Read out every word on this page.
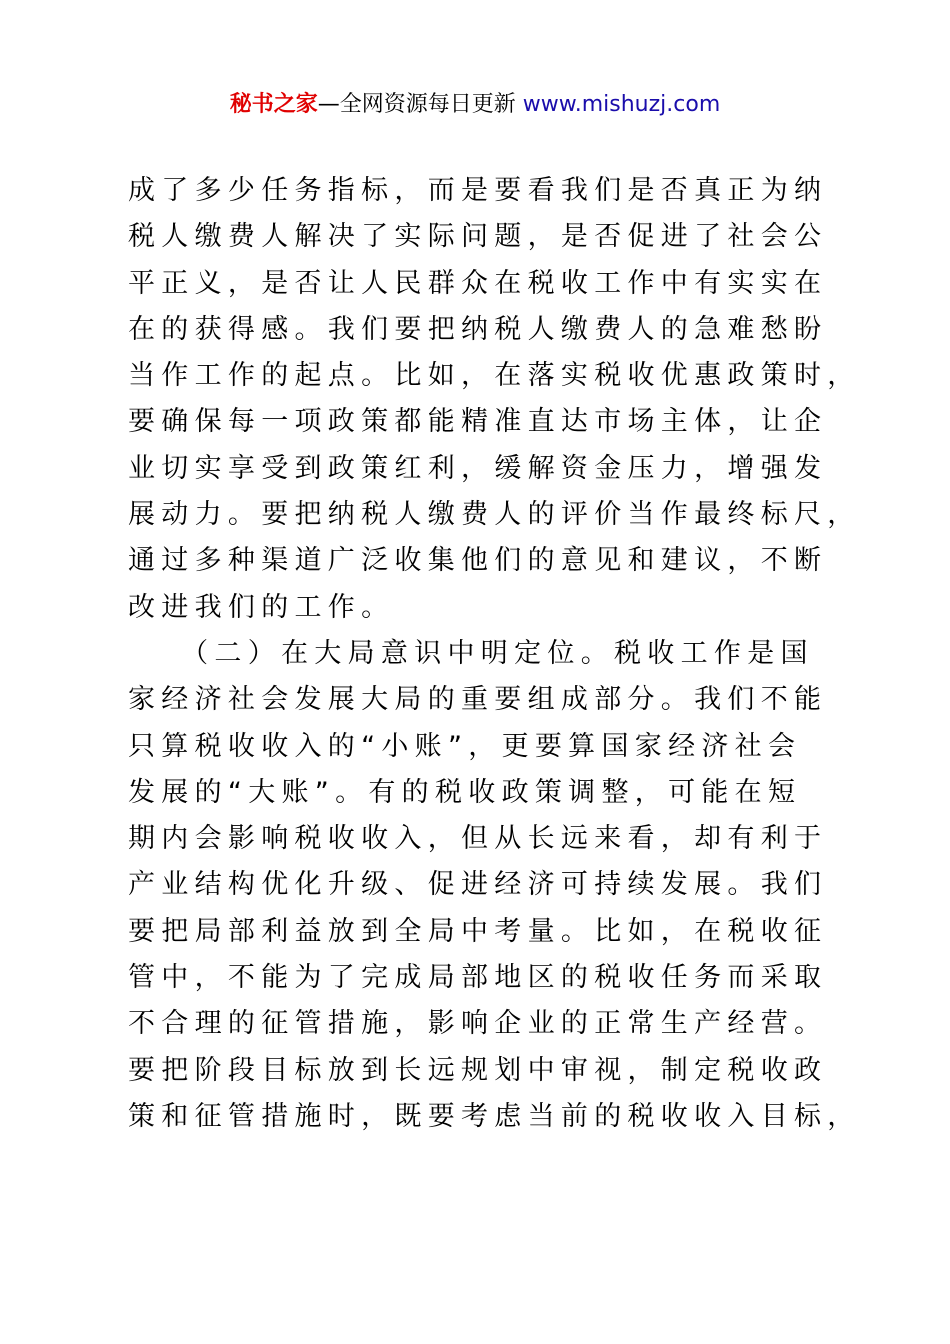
秘书之家—全网资源每日更新 www.mishuzj.com
成了多少任务指标，而是要看我们是否真正为纳
税人缴费人解决了实际问题，是否促进了社会公
平正义，是否让人民群众在税收工作中有实实在
在的获得感。我们要把纳税人缴费人的急难愁盼
当作工作的起点。比如，在落实税收优惠政策时，
要确保每一项政策都能精准直达市场主体，让企
业切实享受到政策红利，缓解资金压力，增强发
展动力。要把纳税人缴费人的评价当作最终标尺，
通过多种渠道广泛收集他们的意见和建议，不断
改进我们的工作。
　　（二）在大局意识中明定位。税收工作是国
家经济社会发展大局的重要组成部分。我们不能
只算税收收入的“小账”，更要算国家经济社会
发展的“大账”。有的税收政策调整，可能在短
期内会影响税收收入，但从长远来看，却有利于
产业结构优化升级、促进经济可持续发展。我们
要把局部利益放到全局中考量。比如，在税收征
管中，不能为了完成局部地区的税收任务而采取
不合理的征管措施，影响企业的正常生产经营。
要把阶段目标放到长远规划中审视，制定税收政
策和征管措施时，既要考虑当前的税收收入目标，
